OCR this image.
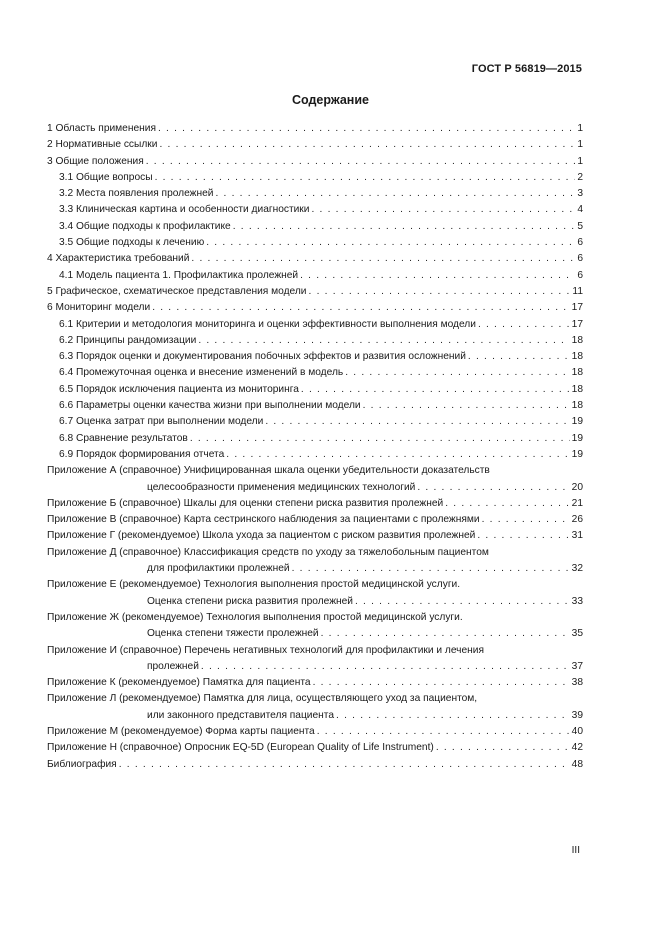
ГОСТ Р 56819—2015
Содержание
1 Область применения . . .	1
2 Нормативные ссылки . . .	1
3 Общие положения . . .	1
3.1 Общие вопросы . . .	2
3.2 Места появления пролежней . . .	3
3.3 Клиническая картина и особенности диагностики . . .	4
3.4 Общие подходы к профилактике . . .	5
3.5 Общие подходы к лечению . . .	6
4 Характеристика требований . . .	6
4.1 Модель пациента 1. Профилактика пролежней . . .	6
5 Графическое, схематическое представления модели . . .	11
6 Мониторинг модели . . .	17
6.1 Критерии и методология мониторинга и оценки эффективности выполнения модели . . .	17
6.2 Принципы рандомизации . . .	18
6.3 Порядок оценки и документирования побочных эффектов и развития осложнений . . .	18
6.4 Промежуточная оценка и внесение изменений в модель . . .	18
6.5 Порядок исключения пациента из мониторинга . . .	18
6.6 Параметры оценки качества жизни при выполнении модели . . .	18
6.7 Оценка затрат при выполнении модели . . .	19
6.8 Сравнение результатов . . .	19
6.9 Порядок формирования отчета . . .	19
Приложение А (справочное) Унифицированная шкала оценки убедительности доказательств
целесообразности применения медицинских технологий . . .	20
Приложение Б (справочное) Шкалы для оценки степени риска развития пролежней . . .	21
Приложение В (справочное) Карта сестринского наблюдения за пациентами с пролежнями . . .	26
Приложение Г (рекомендуемое) Школа ухода за пациентом с риском развития пролежней . . .	31
Приложение Д (справочное) Классификация средств по уходу за тяжелобольным пациентом
для профилактики пролежней . . .	32
Приложение Е (рекомендуемое) Технология выполнения простой медицинской услуги.
Оценка степени риска развития пролежней . . .	33
Приложение Ж (рекомендуемое) Технология выполнения простой медицинской услуги.
Оценка степени тяжести пролежней . . .	35
Приложение И (справочное) Перечень негативных технологий для профилактики и лечения
пролежней . . .	37
Приложение К (рекомендуемое) Памятка для пациента . . .	38
Приложение Л (рекомендуемое) Памятка для лица, осуществляющего уход за пациентом,
или законного представителя пациента . . .	39
Приложение М (рекомендуемое) Форма карты пациента . . .	40
Приложение Н (справочное) Опросник EQ-5D (European Quality of Life Instrument) . . .	42
Библиография . . .	48
III
